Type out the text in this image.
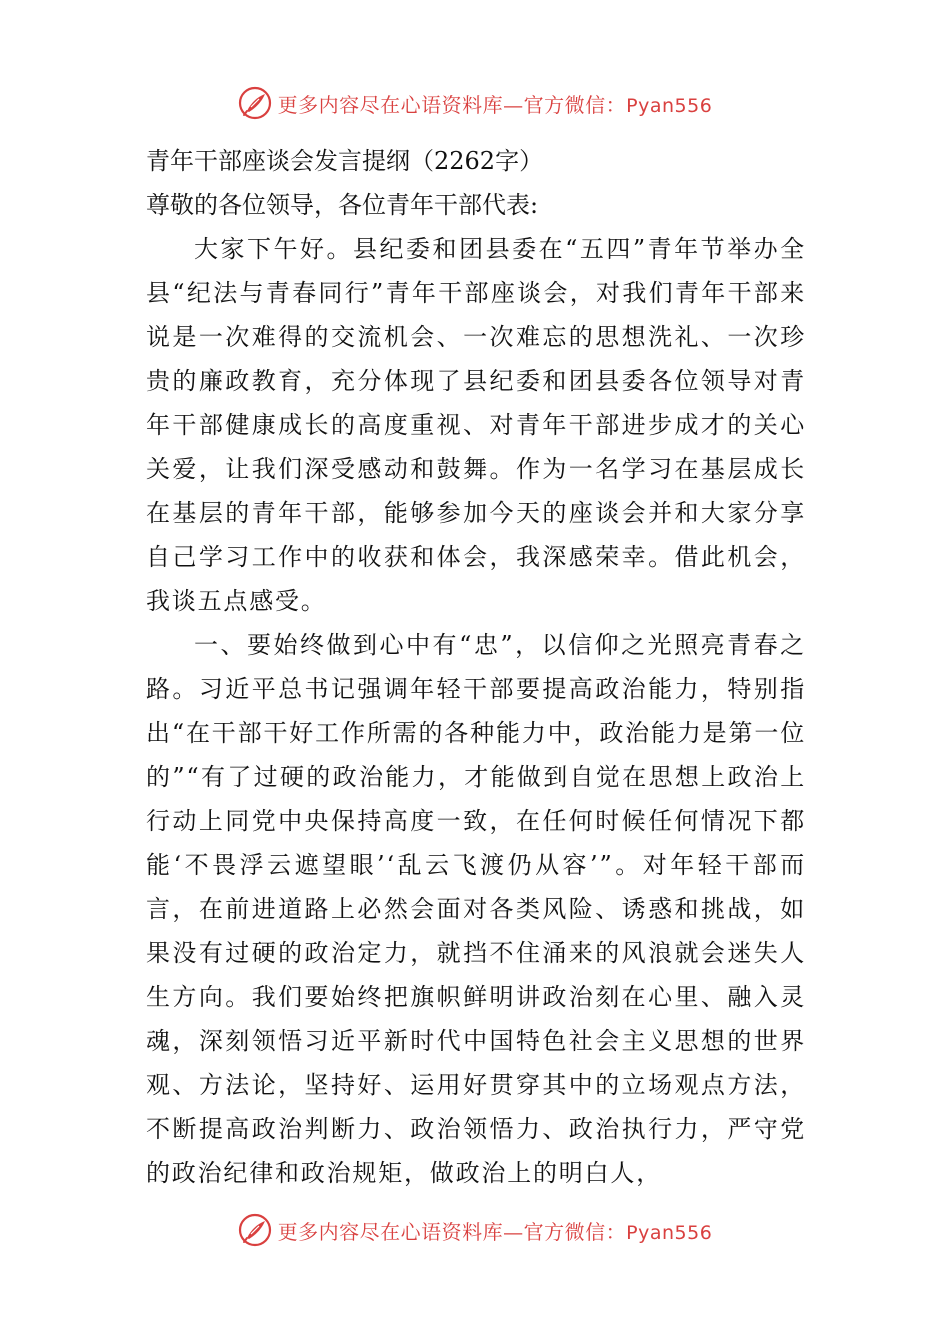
更多内容尽在心语资料库—官方微信：Pyan556
青年干部座谈会发言提纲（2262字）

尊敬的各位领导，各位青年干部代表:

大家下午好。县纪委和团县委在“五四”青年节举办全县“纪法与青春同行”青年干部座谈会，对我们青年干部来说是一次难得的交流机会、一次难忘的思想洗礼、一次珍贵的廉政教育，充分体现了县纪委和团县委各位领导对青年干部健康成长的高度重视、对青年干部进步成才的关心关爱，让我们深受感动和鼓舞。作为一名学习在基层成长在基层的青年干部，能够参加今天的座谈会并和大家分享自己学习工作中的收获和体会，我深感荣幸。借此机会，我谈五点感受。

一、要始终做到心中有“忠”，以信仰之光照亮青春之路。习近平总书记强调年轻干部要提高政治能力，特别指出“在干部干好工作所需的各种能力中，政治能力是第一位的”“有了过硬的政治能力，才能做到自觉在思想上政治上行动上同党中央保持高度一致，在任何时候任何情况下都能‘不畏浮云遮望眼’‘乱云飞渡仍从容’”。对年轻干部而言，在前进道路上必然会面对各类风险、诱惑和挑战，如果没有过硬的政治定力，就挡不住涌来的风浪就会迷失人生方向。我们要始终把旗帜鲜明讲政治刻在心里、融入灵魂，深刻领悟习近平新时代中国特色社会主义思想的世界观、方法论，坚持好、运用好贯穿其中的立场观点方法，不断提高政治判断力、政治领悟力、政治执行力，严守党的政治纪律和政治规矩，做政治上的明白人，

更多内容尽在心语资料库—官方微信：Pyan556
